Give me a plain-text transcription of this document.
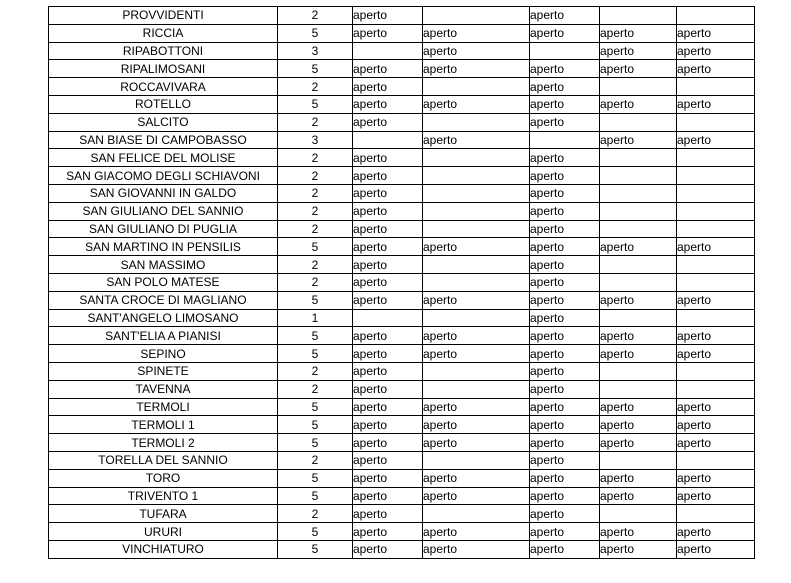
PROVVIDENTI	2	aperto		aperto		
RICCIA	5	aperto	aperto	aperto	aperto	aperto
RIPABOTTONI	3		aperto		aperto	aperto
RIPALIMOSANI	5	aperto	aperto	aperto	aperto	aperto
ROCCAVIVARA	2	aperto		aperto		
ROTELLO	5	aperto	aperto	aperto	aperto	aperto
SALCITO	2	aperto		aperto		
SAN BIASE DI CAMPOBASSO	3		aperto		aperto	aperto
SAN FELICE DEL MOLISE	2	aperto		aperto		
SAN GIACOMO DEGLI SCHIAVONI	2	aperto		aperto		
SAN GIOVANNI IN GALDO	2	aperto		aperto		
SAN GIULIANO DEL SANNIO	2	aperto		aperto		
SAN GIULIANO DI PUGLIA	2	aperto		aperto		
SAN MARTINO IN PENSILIS	5	aperto	aperto	aperto	aperto	aperto
SAN MASSIMO	2	aperto		aperto		
SAN POLO MATESE	2	aperto		aperto		
SANTA CROCE DI MAGLIANO	5	aperto	aperto	aperto	aperto	aperto
SANT'ANGELO LIMOSANO	1			aperto		
SANT'ELIA A PIANISI	5	aperto	aperto	aperto	aperto	aperto
SEPINO	5	aperto	aperto	aperto	aperto	aperto
SPINETE	2	aperto		aperto		
TAVENNA	2	aperto		aperto		
TERMOLI	5	aperto	aperto	aperto	aperto	aperto
TERMOLI 1	5	aperto	aperto	aperto	aperto	aperto
TERMOLI 2	5	aperto	aperto	aperto	aperto	aperto
TORELLA DEL SANNIO	2	aperto		aperto		
TORO	5	aperto	aperto	aperto	aperto	aperto
TRIVENTO 1	5	aperto	aperto	aperto	aperto	aperto
TUFARA	2	aperto		aperto		
URURI	5	aperto	aperto	aperto	aperto	aperto
VINCHIATURO	5	aperto	aperto	aperto	aperto	aperto
